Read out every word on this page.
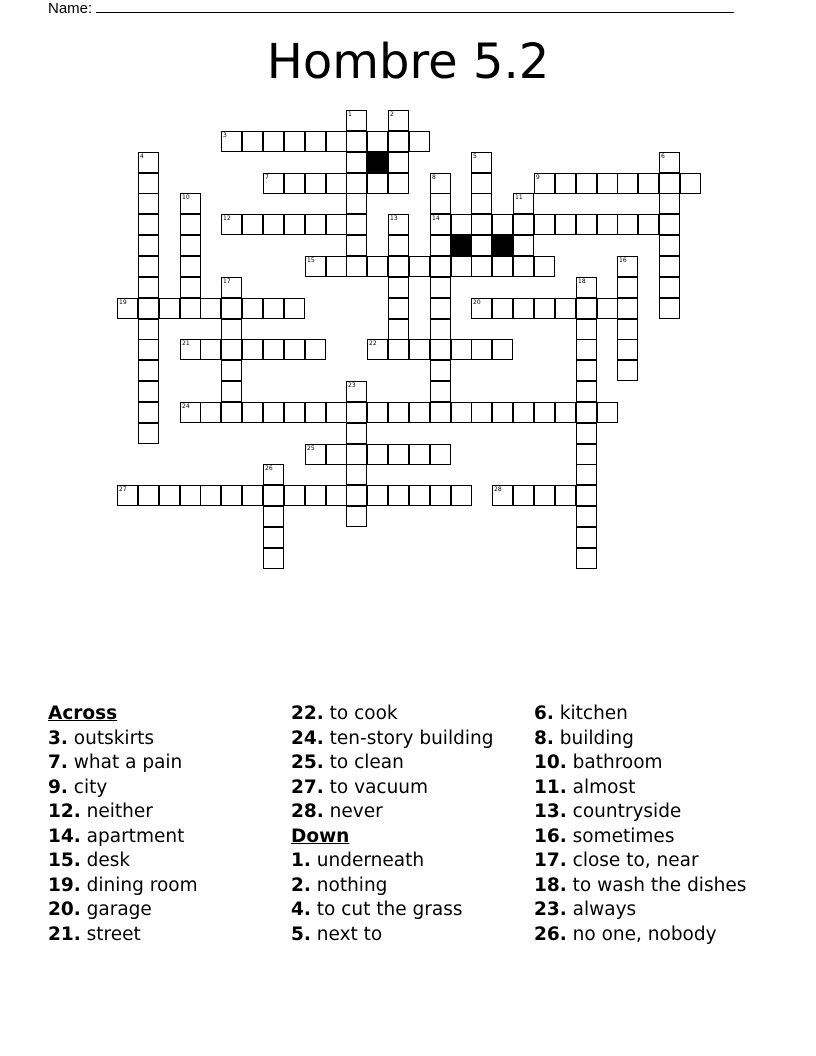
Name:
Hombre 5.2
3
7	9
12	14
15
19	20
21	22
24
25
27	28
1	2
4	5	6
8
10	11
13
16
17	18
23
26
Across
3. outskirts
7. what a pain
9. city
12. neither
14. apartment
15. desk
19. dining room
20. garage
21. street
22. to cook
24. ten-story building
25. to clean
27. to vacuum
28. never
Down
1. underneath
2. nothing
4. to cut the grass
5. next to
6. kitchen
8. building
10. bathroom
11. almost
13. countryside
16. sometimes
17. close to, near
18. to wash the dishes
23. always
26. no one, nobody
